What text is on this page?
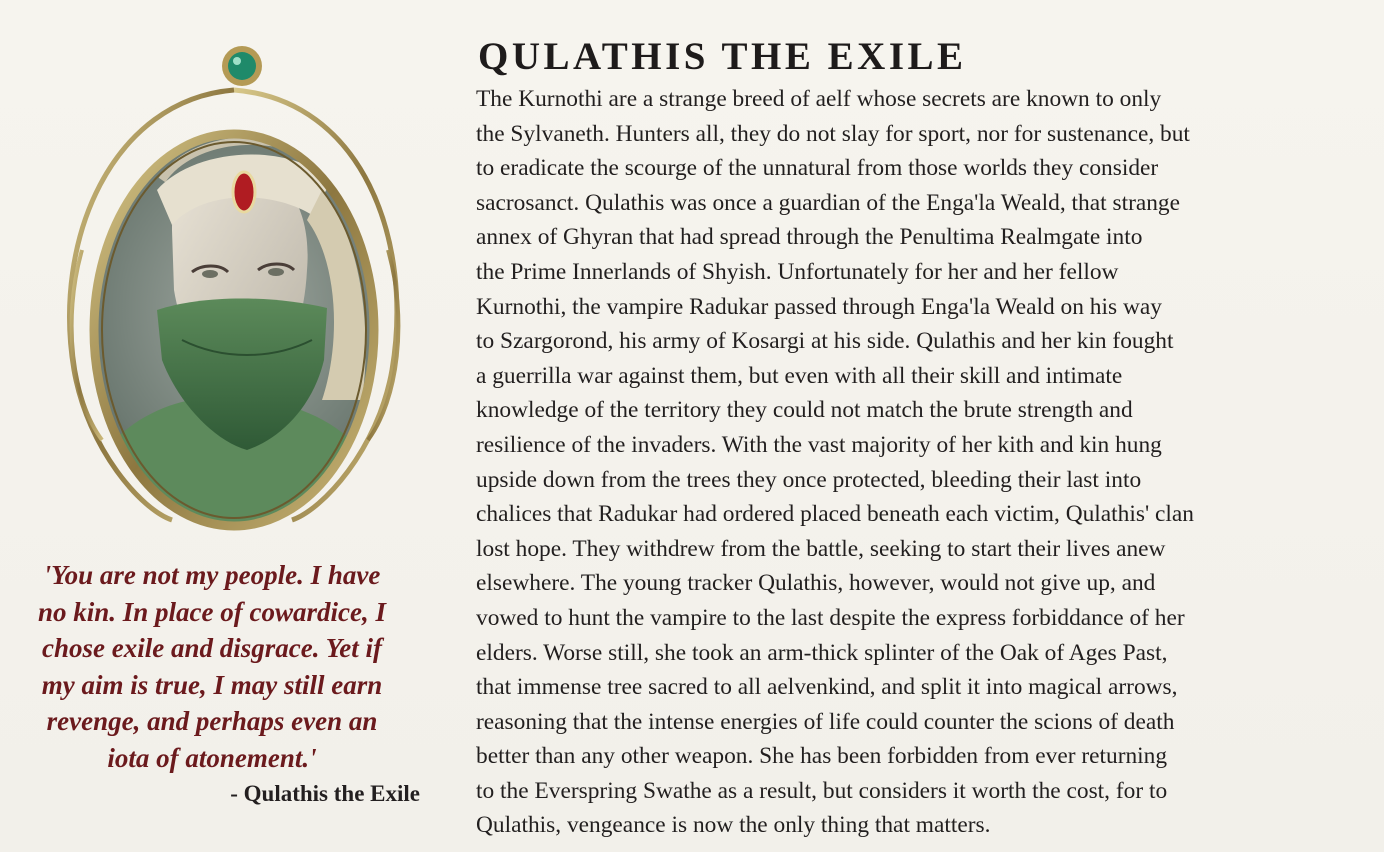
'You are not my people. I have
no kin. In place of cowardice, I
chose exile and disgrace. Yet if
my aim is true, I may still earn
revenge, and perhaps even an
iota of atonement.'
- Qulathis the Exile
QULATHIS THE EXILE

The Kurnothi are a strange breed of aelf whose secrets are known to only
the Sylvaneth. Hunters all, they do not slay for sport, nor for sustenance, but
to eradicate the scourge of the unnatural from those worlds they consider
sacrosanct. Qulathis was once a guardian of the Enga'la Weald, that strange
annex of Ghyran that had spread through the Penultima Realmgate into
the Prime Innerlands of Shyish. Unfortunately for her and her fellow
Kurnothi, the vampire Radukar passed through Enga'la Weald on his way
to Szargorond, his army of Kosargi at his side. Qulathis and her kin fought
a guerrilla war against them, but even with all their skill and intimate
knowledge of the territory they could not match the brute strength and
resilience of the invaders. With the vast majority of her kith and kin hung
upside down from the trees they once protected, bleeding their last into
chalices that Radukar had ordered placed beneath each victim, Qulathis' clan
lost hope. They withdrew from the battle, seeking to start their lives anew
elsewhere. The young tracker Qulathis, however, would not give up, and
vowed to hunt the vampire to the last despite the express forbiddance of her
elders. Worse still, she took an arm-thick splinter of the Oak of Ages Past,
that immense tree sacred to all aelvenkind, and split it into magical arrows,
reasoning that the intense energies of life could counter the scions of death
better than any other weapon. She has been forbidden from ever returning
to the Everspring Swathe as a result, but considers it worth the cost, for to
Qulathis, vengeance is now the only thing that matters.
